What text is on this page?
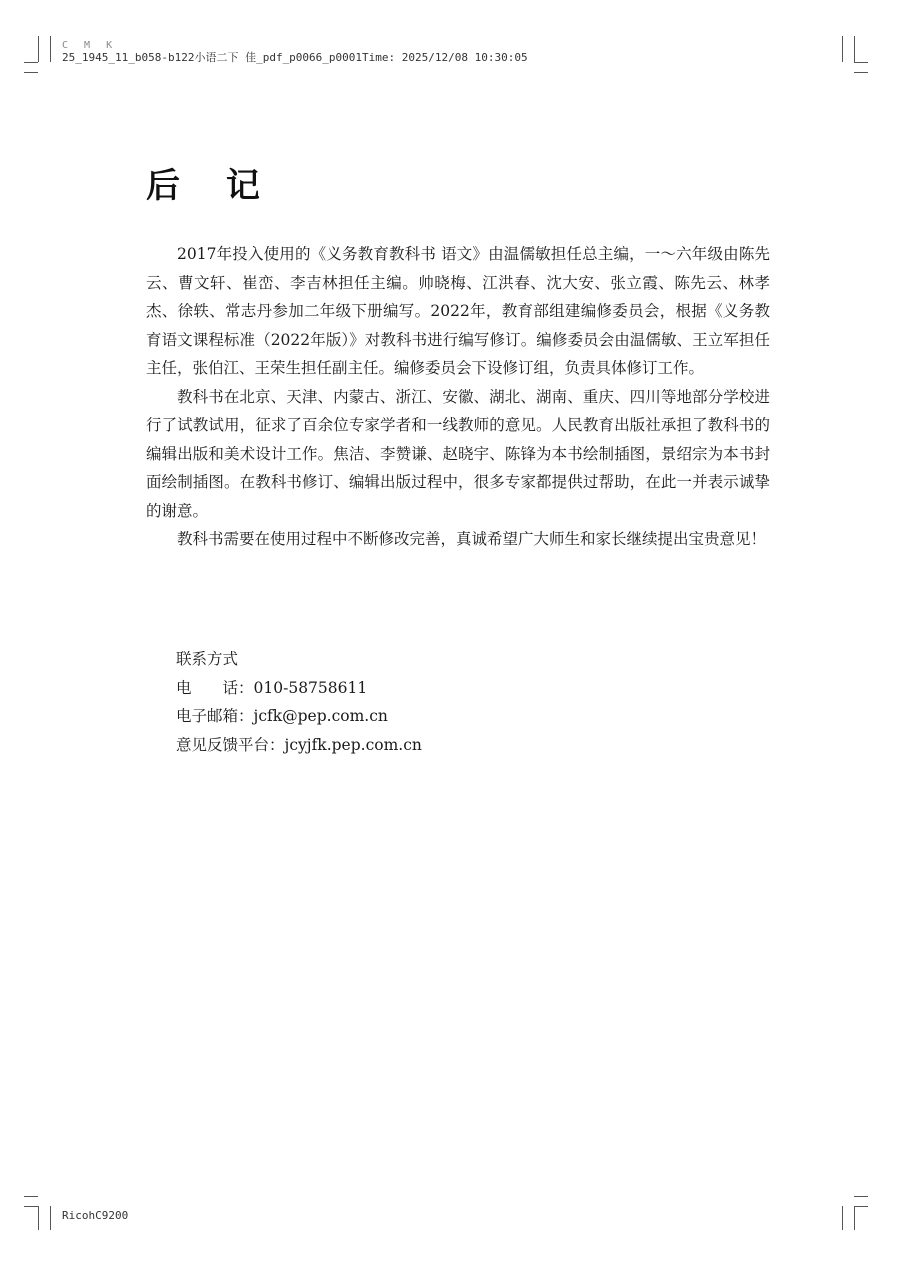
C M K
25_1945_11_b058-b122小语二下 佳_pdf_p0066_p0001Time: 2025/12/08 10:30:05
后 记

2017年投入使用的《义务教育教科书 语文》由温儒敏担任总主编，一～六年级由陈先云、曹文轩、崔峦、李吉林担任主编。帅晓梅、江洪春、沈大安、张立霞、陈先云、林孝杰、徐轶、常志丹参加二年级下册编写。2022年，教育部组建编修委员会，根据《义务教育语文课程标准（2022年版）》对教科书进行编写修订。编修委员会由温儒敏、王立军担任主任，张伯江、王荣生担任副主任。编修委员会下设修订组，负责具体修订工作。

教科书在北京、天津、内蒙古、浙江、安徽、湖北、湖南、重庆、四川等地部分学校进行了试教试用，征求了百余位专家学者和一线教师的意见。人民教育出版社承担了教科书的编辑出版和美术设计工作。焦洁、李赞谦、赵晓宇、陈锋为本书绘制插图，景绍宗为本书封面绘制插图。在教科书修订、编辑出版过程中，很多专家都提供过帮助，在此一并表示诚挚的谢意。

教科书需要在使用过程中不断修改完善，真诚希望广大师生和家长继续提出宝贵意见！

联系方式
电　　话：010-58758611
电子邮箱：jcfk@pep.com.cn
意见反馈平台：jcyjfk.pep.com.cn
RicohC9200
